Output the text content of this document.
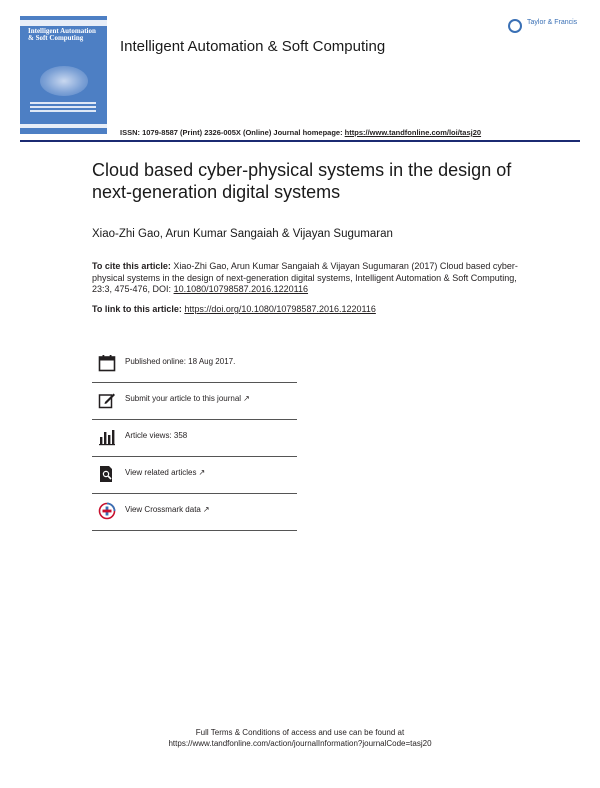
Intelligent Automation & Soft Computing	Intelligent Automation & Soft Computing
Taylor & Francis
ISSN: 1079-8587 (Print) 2326-005X (Online) Journal homepage: https://www.tandfonline.com/loi/tasj20
Cloud based cyber-physical systems in the design of next-generation digital systems
Xiao-Zhi Gao, Arun Kumar Sangaiah & Vijayan Sugumaran
To cite this article: Xiao-Zhi Gao, Arun Kumar Sangaiah & Vijayan Sugumaran (2017) Cloud based cyber-physical systems in the design of next-generation digital systems, Intelligent Automation & Soft Computing, 23:3, 475-476, DOI: 10.1080/10798587.2016.1220116
To link to this article: https://doi.org/10.1080/10798587.2016.1220116
Published online: 18 Aug 2017.
Submit your article to this journal ↗
Article views: 358
View related articles ↗
View Crossmark data ↗
Full Terms & Conditions of access and use can be found at
https://www.tandfonline.com/action/journalInformation?journalCode=tasj20
